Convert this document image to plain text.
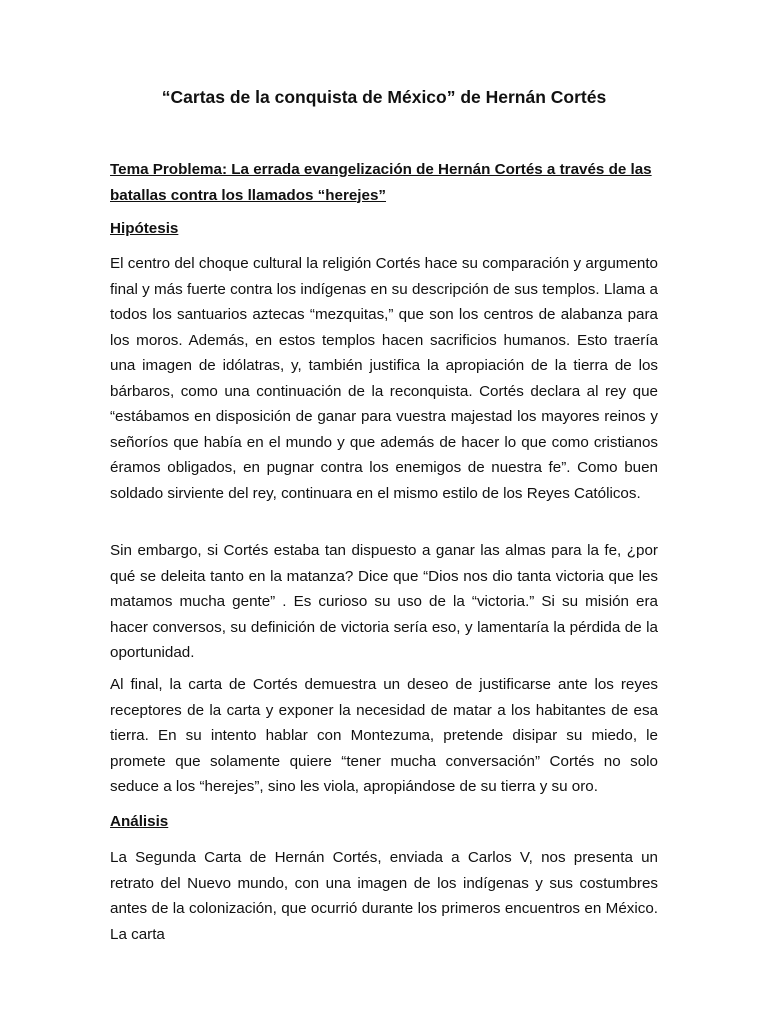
“Cartas de la conquista de México” de Hernán Cortés

Tema Problema: La errada evangelización de Hernán Cortés a través de las batallas contra los llamados “herejes”

Hipótesis

El centro del choque cultural la religión Cortés hace su comparación y argumento final y más fuerte contra los indígenas en su descripción de sus templos. Llama a todos los santuarios aztecas “mezquitas,” que son los centros de alabanza para los moros. Además, en estos templos hacen sacrificios humanos. Esto traería una imagen de idólatras, y, también justifica la apropiación de la tierra de los bárbaros, como una continuación de la reconquista. Cortés declara al rey que “estábamos en disposición de ganar para vuestra majestad los mayores reinos y señoríos que había en el mundo y que además de hacer lo que como cristianos éramos obligados, en pugnar contra los enemigos de nuestra fe”. Como buen soldado sirviente del rey, continuara en el mismo estilo de los Reyes Católicos.

Sin embargo, si Cortés estaba tan dispuesto a ganar las almas para la fe, ¿por qué se deleita tanto en la matanza? Dice que “Dios nos dio tanta victoria que les matamos mucha gente” . Es curioso su uso de la “victoria.” Si su misión era hacer conversos, su definición de victoria sería eso, y lamentaría la pérdida de la oportunidad.

Al final, la carta de Cortés demuestra un deseo de justificarse ante los reyes receptores de la carta y exponer la necesidad de matar a los habitantes de esa tierra. En su intento hablar con Montezuma, pretende disipar su miedo, le promete que solamente quiere “tener mucha conversación” Cortés no solo seduce a los “herejes”, sino les viola, apropiándose de su tierra y su oro.

Análisis

La Segunda Carta de Hernán Cortés, enviada a Carlos V, nos presenta un retrato del Nuevo mundo, con una imagen de los indígenas y sus costumbres antes de la colonización, que ocurrió durante los primeros encuentros en México. La carta
